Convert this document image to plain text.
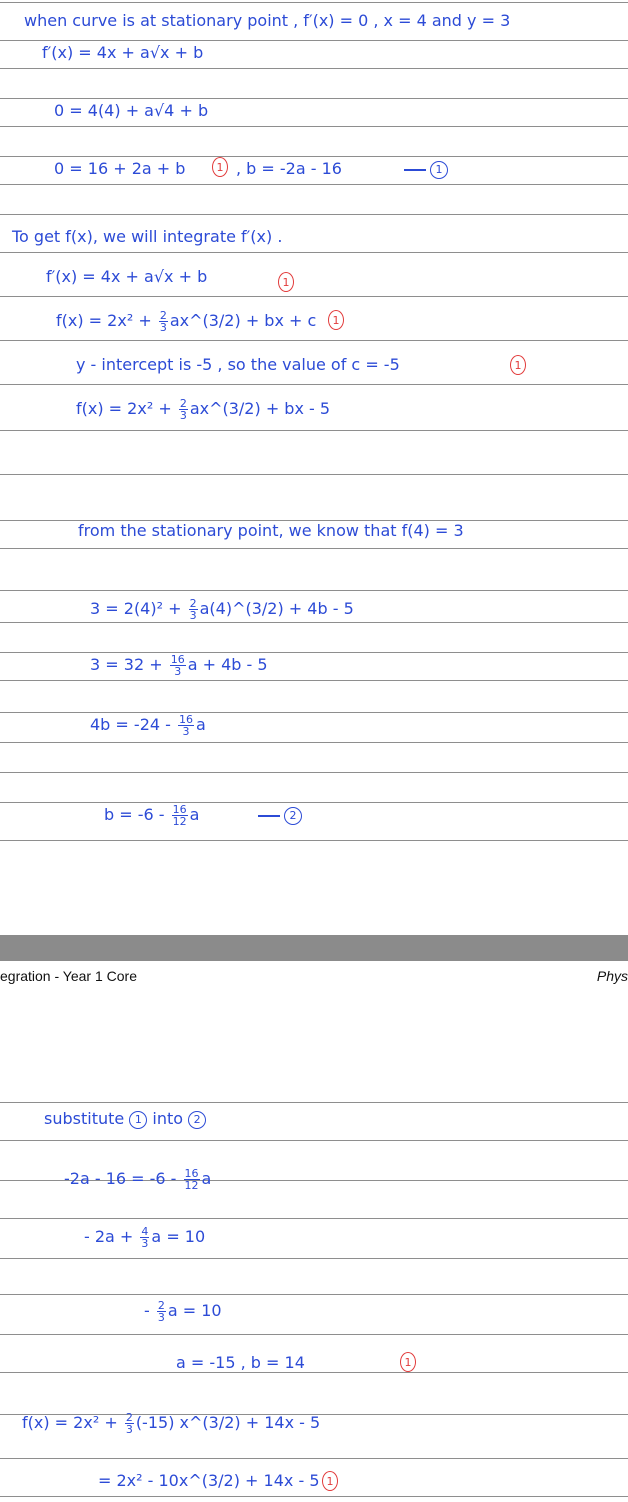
when curve is at stationary point , f′(x) = 0 , x = 4 and y = 3
f′(x) = 4x + a√x + b
0 = 4(4) + a√4 + b
0 = 16 + 2a + b	1 , b = -2a - 16	1
To get f(x), we will integrate f′(x) .
f′(x) = 4x + a√x + b	1
$f(x) = 2x^2 + \frac{2}{3}$ ax^(3/2) + bx + c	1
y - intercept is -5 , so the value of c = -5	1
$f(x) = 2x^2 + \frac{2}{3}$ ax^(3/2) + bx - 5
from the stationary point, we know that f(4) = 3
$3 = 2(4)^2 + \frac{2}{3}$ a(4)^(3/2) + 4b - 5
$3 = 32 + \frac{16}{3}$ a + 4b - 5
$4b = -24 - \frac{16}{3}$ a
$b = -6 - \frac{16}{12}$ a	2
egration - Year 1 Core	Phys
substitute 1 into 2
$-2a - 16 = -6 - \frac{16}{12}$ a
- $2a + \frac{4}{3}$ a = 10
- $\frac{2}{3}$ a = 10
a = -15 , b = 14	1
$f(x) = 2x^2 + \frac{2}{3} (-15)$ x^(3/2) + 14x - 5
= 2x² - 10x^(3/2) + 14x - 5 1
